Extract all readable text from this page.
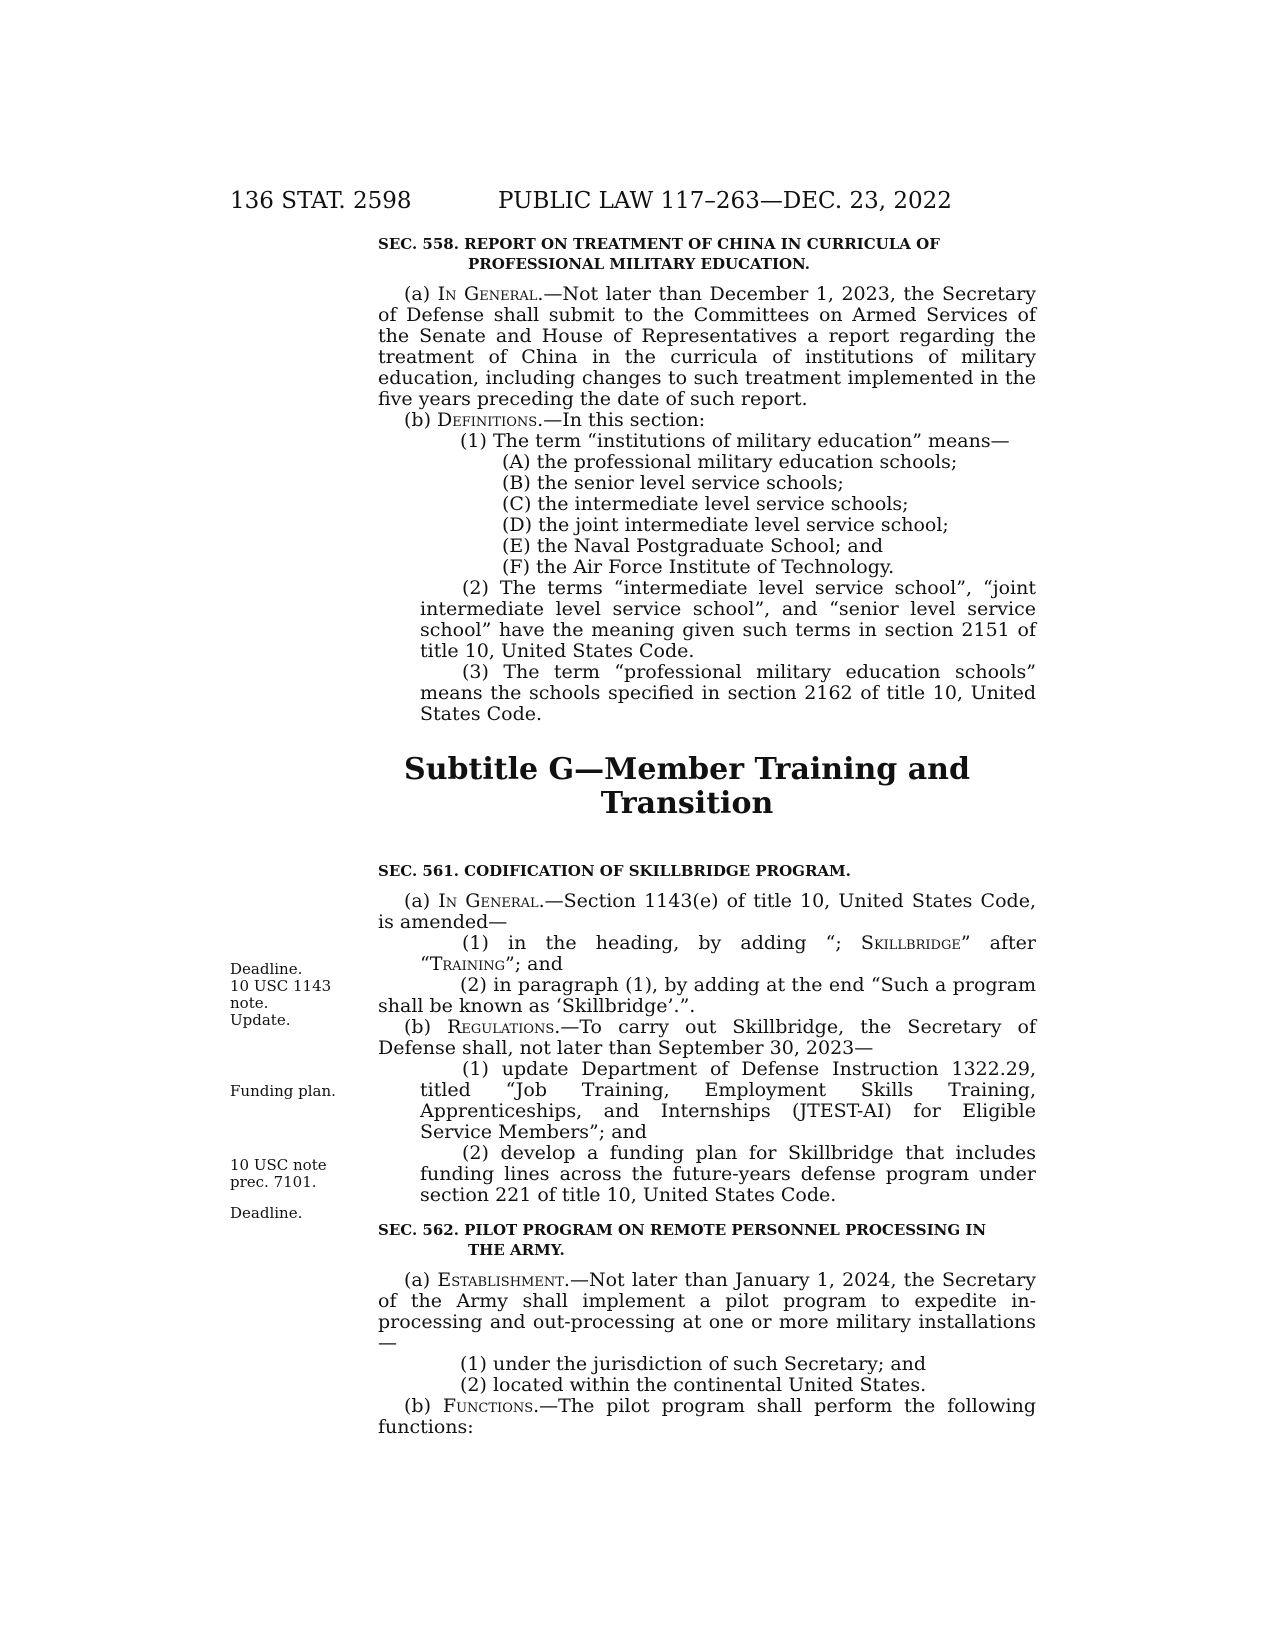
136 STAT. 2598	PUBLIC LAW 117–263—DEC. 23, 2022
Deadline.
10 USC 1143
note.
Update.
Funding plan.
10 USC note
prec. 7101.
Deadline.
SEC. 558. REPORT ON TREATMENT OF CHINA IN CURRICULA OF
PROFESSIONAL MILITARY EDUCATION.

(a) In General.—Not later than December 1, 2023, the Secretary of Defense shall submit to the Committees on Armed Services of the Senate and House of Representatives a report regarding the treatment of China in the curricula of institutions of military education, including changes to such treatment implemented in the five years preceding the date of such report.

(b) Definitions.—In this section:

(1) The term “institutions of military education” means—

(A) the professional military education schools;

(B) the senior level service schools;

(C) the intermediate level service schools;

(D) the joint intermediate level service school;

(E) the Naval Postgraduate School; and

(F) the Air Force Institute of Technology.

(2) The terms “intermediate level service school”, “joint intermediate level service school”, and “senior level service school” have the meaning given such terms in section 2151 of title 10, United States Code.

(3) The term “professional military education schools” means the schools specified in section 2162 of title 10, United States Code.

Subtitle G—Member Training and
Transition
SEC. 561. CODIFICATION OF SKILLBRIDGE PROGRAM.

(a) In General.—Section 1143(e) of title 10, United States Code, is amended—

(1) in the heading, by adding “; Skillbridge” after “Training”; and

(2) in paragraph (1), by adding at the end “Such a program shall be known as ‘Skillbridge’.”.

(b) Regulations.—To carry out Skillbridge, the Secretary of Defense shall, not later than September 30, 2023—

(1) update Department of Defense Instruction 1322.29, titled “Job Training, Employment Skills Training, Apprenticeships, and Internships (JTEST-AI) for Eligible Service Members”; and

(2) develop a funding plan for Skillbridge that includes funding lines across the future-years defense program under section 221 of title 10, United States Code.

SEC. 562. PILOT PROGRAM ON REMOTE PERSONNEL PROCESSING IN
THE ARMY.

(a) Establishment.—Not later than January 1, 2024, the Secretary of the Army shall implement a pilot program to expedite in-processing and out-processing at one or more military installations—

(1) under the jurisdiction of such Secretary; and

(2) located within the continental United States.

(b) Functions.—The pilot program shall perform the following functions:
